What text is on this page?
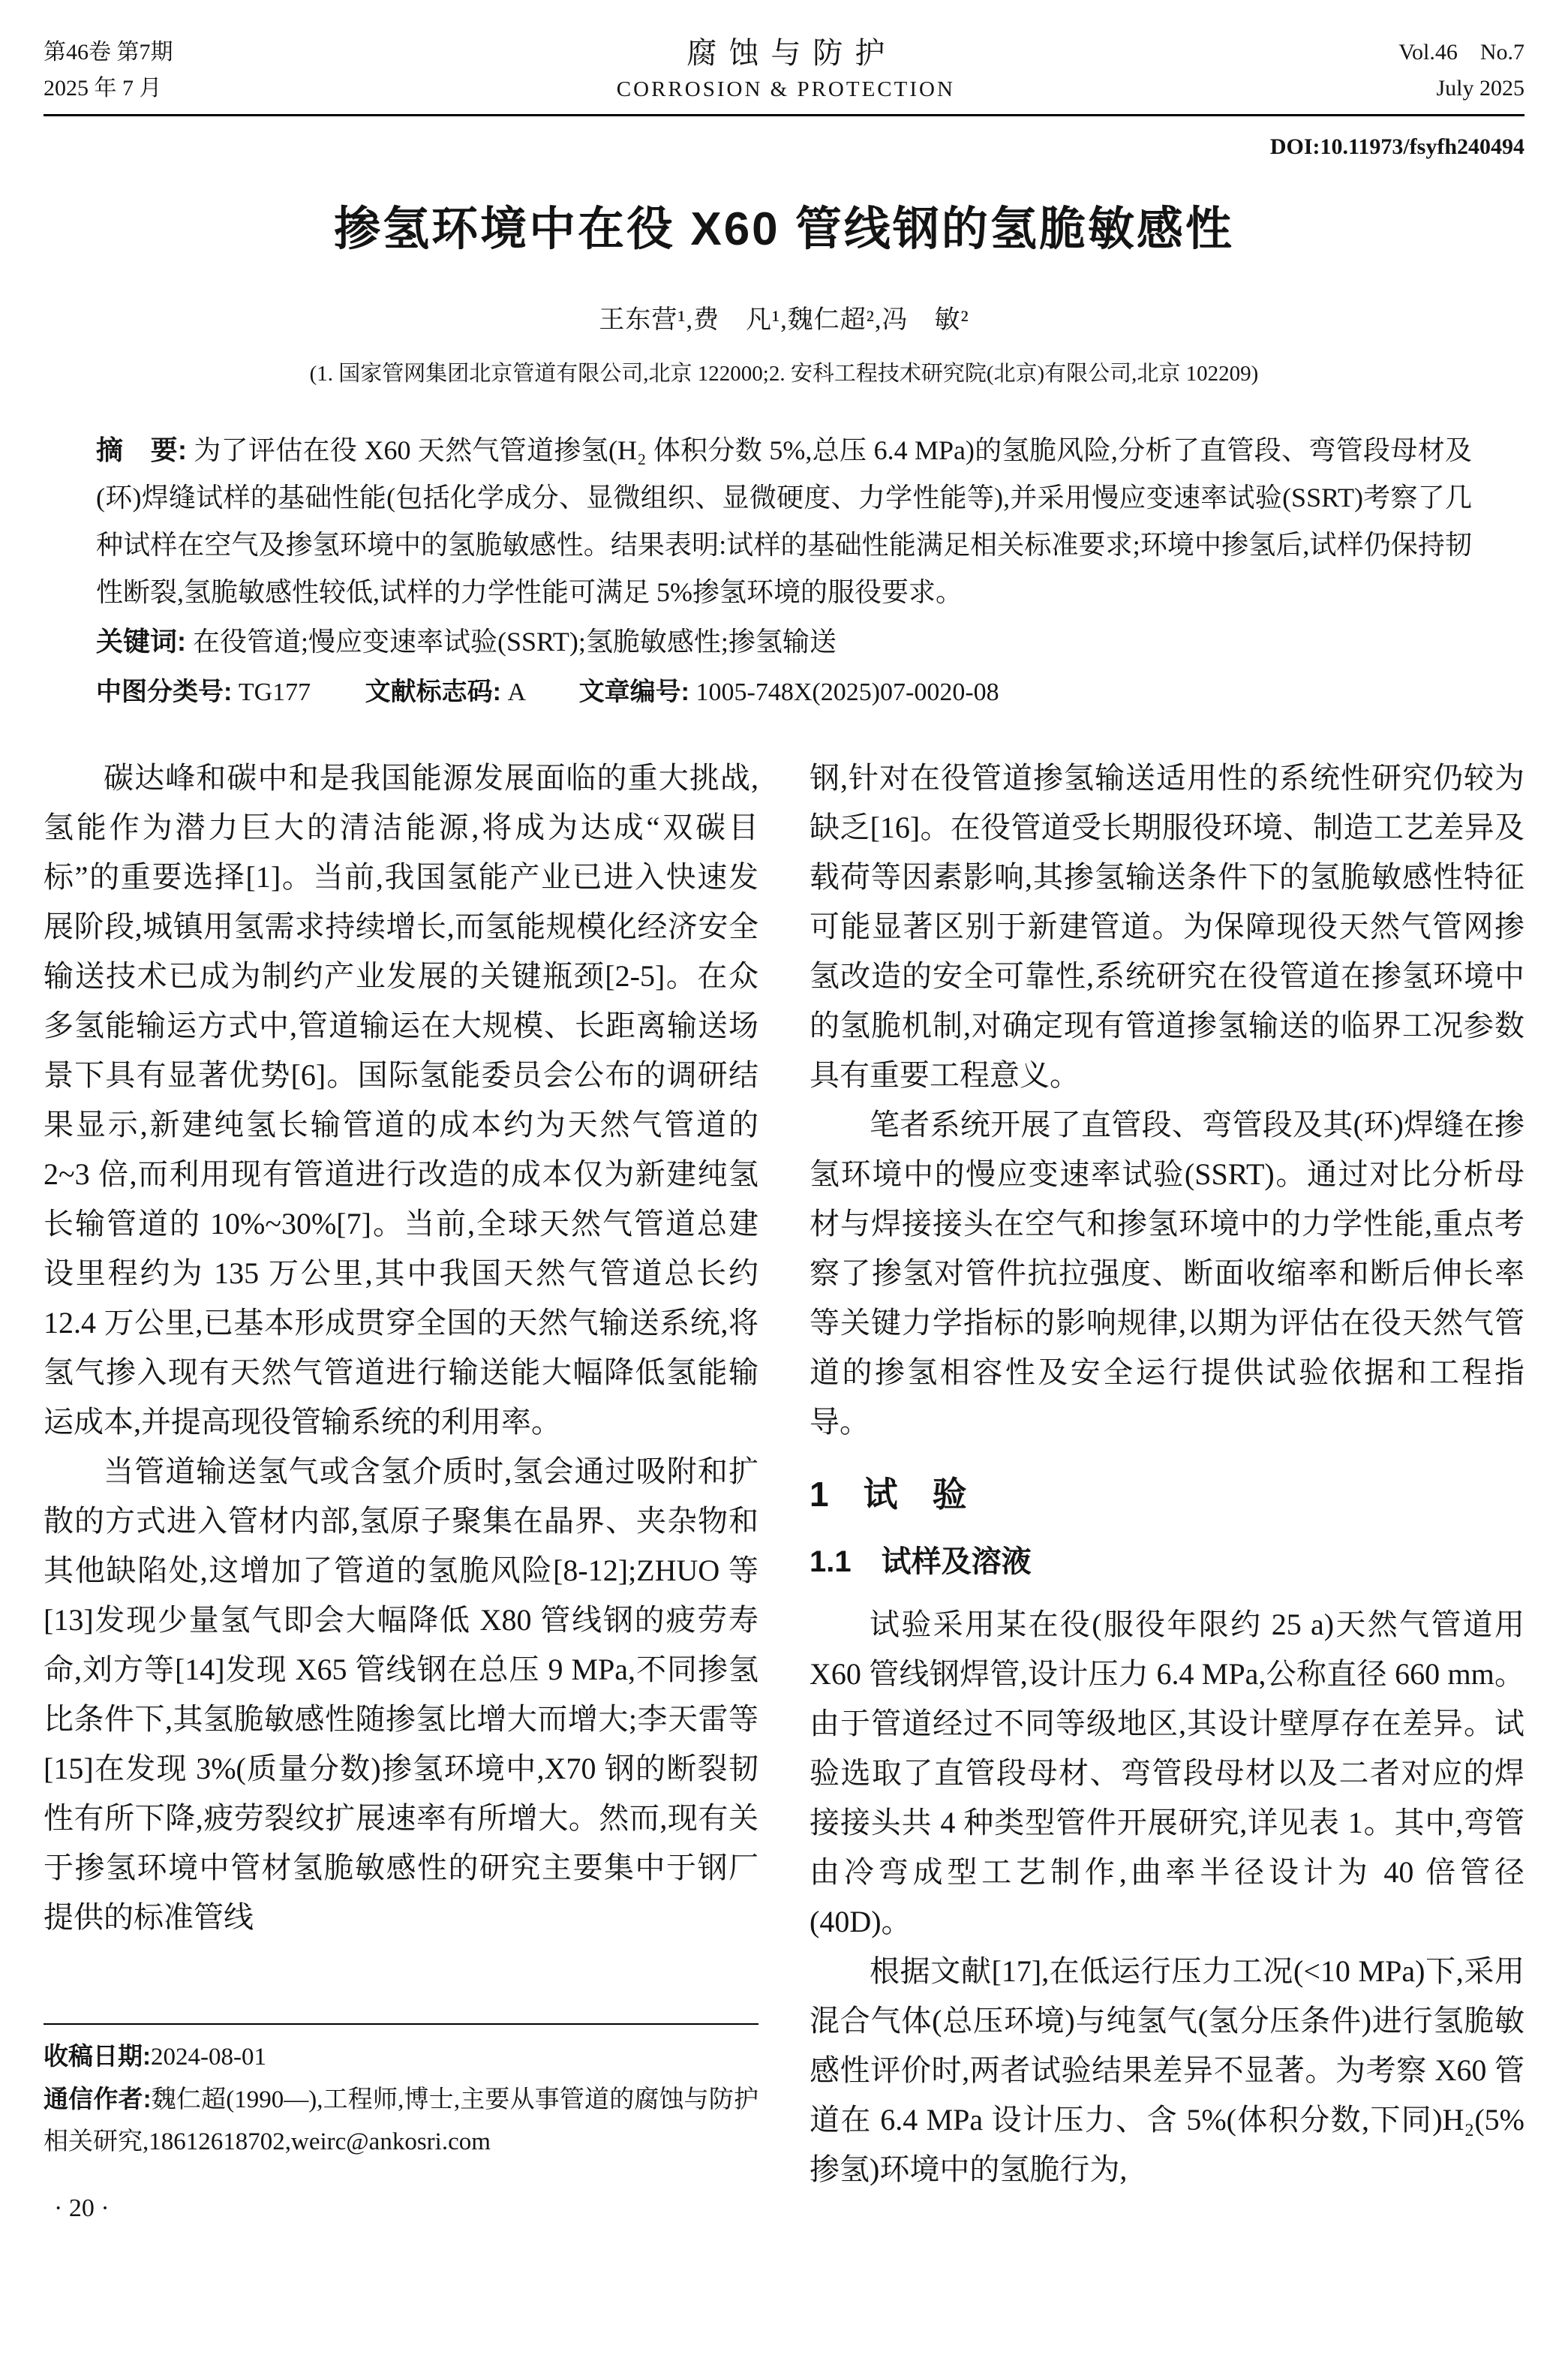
第46卷 第7期
2025 年 7 月
腐蚀与防护
CORROSION & PROTECTION
Vol.46　No.7
July 2025
DOI:10.11973/fsyfh240494
掺氢环境中在役 X60 管线钢的氢脆敏感性
王东营¹,费　凡¹,魏仁超²,冯　敏²
(1. 国家管网集团北京管道有限公司,北京 122000;2. 安科工程技术研究院(北京)有限公司,北京 102209)
摘　要: 为了评估在役 X60 天然气管道掺氢(H₂ 体积分数 5%,总压 6.4 MPa)的氢脆风险,分析了直管段、弯管段母材及(环)焊缝试样的基础性能(包括化学成分、显微组织、显微硬度、力学性能等),并采用慢应变速率试验(SSRT)考察了几种试样在空气及掺氢环境中的氢脆敏感性。结果表明:试样的基础性能满足相关标准要求;环境中掺氢后,试样仍保持韧性断裂,氢脆敏感性较低,试样的力学性能可满足 5%掺氢环境的服役要求。
关键词: 在役管道;慢应变速率试验(SSRT);氢脆敏感性;掺氢输送
中图分类号: TG177 文献标志码: A 文章编号: 1005-748X(2025)07-0020-08

碳达峰和碳中和是我国能源发展面临的重大挑战,氢能作为潜力巨大的清洁能源,将成为达成“双碳目标”的重要选择[1]。当前,我国氢能产业已进入快速发展阶段,城镇用氢需求持续增长,而氢能规模化经济安全输送技术已成为制约产业发展的关键瓶颈[2-5]。在众多氢能输运方式中,管道输运在大规模、长距离输送场景下具有显著优势[6]。国际氢能委员会公布的调研结果显示,新建纯氢长输管道的成本约为天然气管道的 2~3 倍,而利用现有管道进行改造的成本仅为新建纯氢长输管道的 10%~30%[7]。当前,全球天然气管道总建设里程约为 135 万公里,其中我国天然气管道总长约 12.4 万公里,已基本形成贯穿全国的天然气输送系统,将氢气掺入现有天然气管道进行输送能大幅降低氢能输运成本,并提高现役管输系统的利用率。

当管道输送氢气或含氢介质时,氢会通过吸附和扩散的方式进入管材内部,氢原子聚集在晶界、夹杂物和其他缺陷处,这增加了管道的氢脆风险[8-12];ZHUO 等[13]发现少量氢气即会大幅降低 X80 管线钢的疲劳寿命,刘方等[14]发现 X65 管线钢在总压 9 MPa,不同掺氢比条件下,其氢脆敏感性随掺氢比增大而增大;李天雷等[15]在发现 3%(质量分数)掺氢环境中,X70 钢的断裂韧性有所下降,疲劳裂纹扩展速率有所增大。然而,现有关于掺氢环境中管材氢脆敏感性的研究主要集中于钢厂提供的标准管线

收稿日期:2024-08-01

通信作者:魏仁超(1990—),工程师,博士,主要从事管道的腐蚀与防护相关研究,18612618702,weirc@ankosri.com

· 20 ·

钢,针对在役管道掺氢输送适用性的系统性研究仍较为缺乏[16]。在役管道受长期服役环境、制造工艺差异及载荷等因素影响,其掺氢输送条件下的氢脆敏感性特征可能显著区别于新建管道。为保障现役天然气管网掺氢改造的安全可靠性,系统研究在役管道在掺氢环境中的氢脆机制,对确定现有管道掺氢输送的临界工况参数具有重要工程意义。

笔者系统开展了直管段、弯管段及其(环)焊缝在掺氢环境中的慢应变速率试验(SSRT)。通过对比分析母材与焊接接头在空气和掺氢环境中的力学性能,重点考察了掺氢对管件抗拉强度、断面收缩率和断后伸长率等关键力学指标的影响规律,以期为评估在役天然气管道的掺氢相容性及安全运行提供试验依据和工程指导。

1　试　验
1.1　试样及溶液

试验采用某在役(服役年限约 25 a)天然气管道用 X60 管线钢焊管,设计压力 6.4 MPa,公称直径 660 mm。由于管道经过不同等级地区,其设计壁厚存在差异。试验选取了直管段母材、弯管段母材以及二者对应的焊接接头共 4 种类型管件开展研究,详见表 1。其中,弯管由冷弯成型工艺制作,曲率半径设计为 40 倍管径(40D)。

根据文献[17],在低运行压力工况(<10 MPa)下,采用混合气体(总压环境)与纯氢气(氢分压条件)进行氢脆敏感性评价时,两者试验结果差异不显著。为考察 X60 管道在 6.4 MPa 设计压力、含 5%(体积分数,下同)H₂(5%掺氢)环境中的氢脆行为,
